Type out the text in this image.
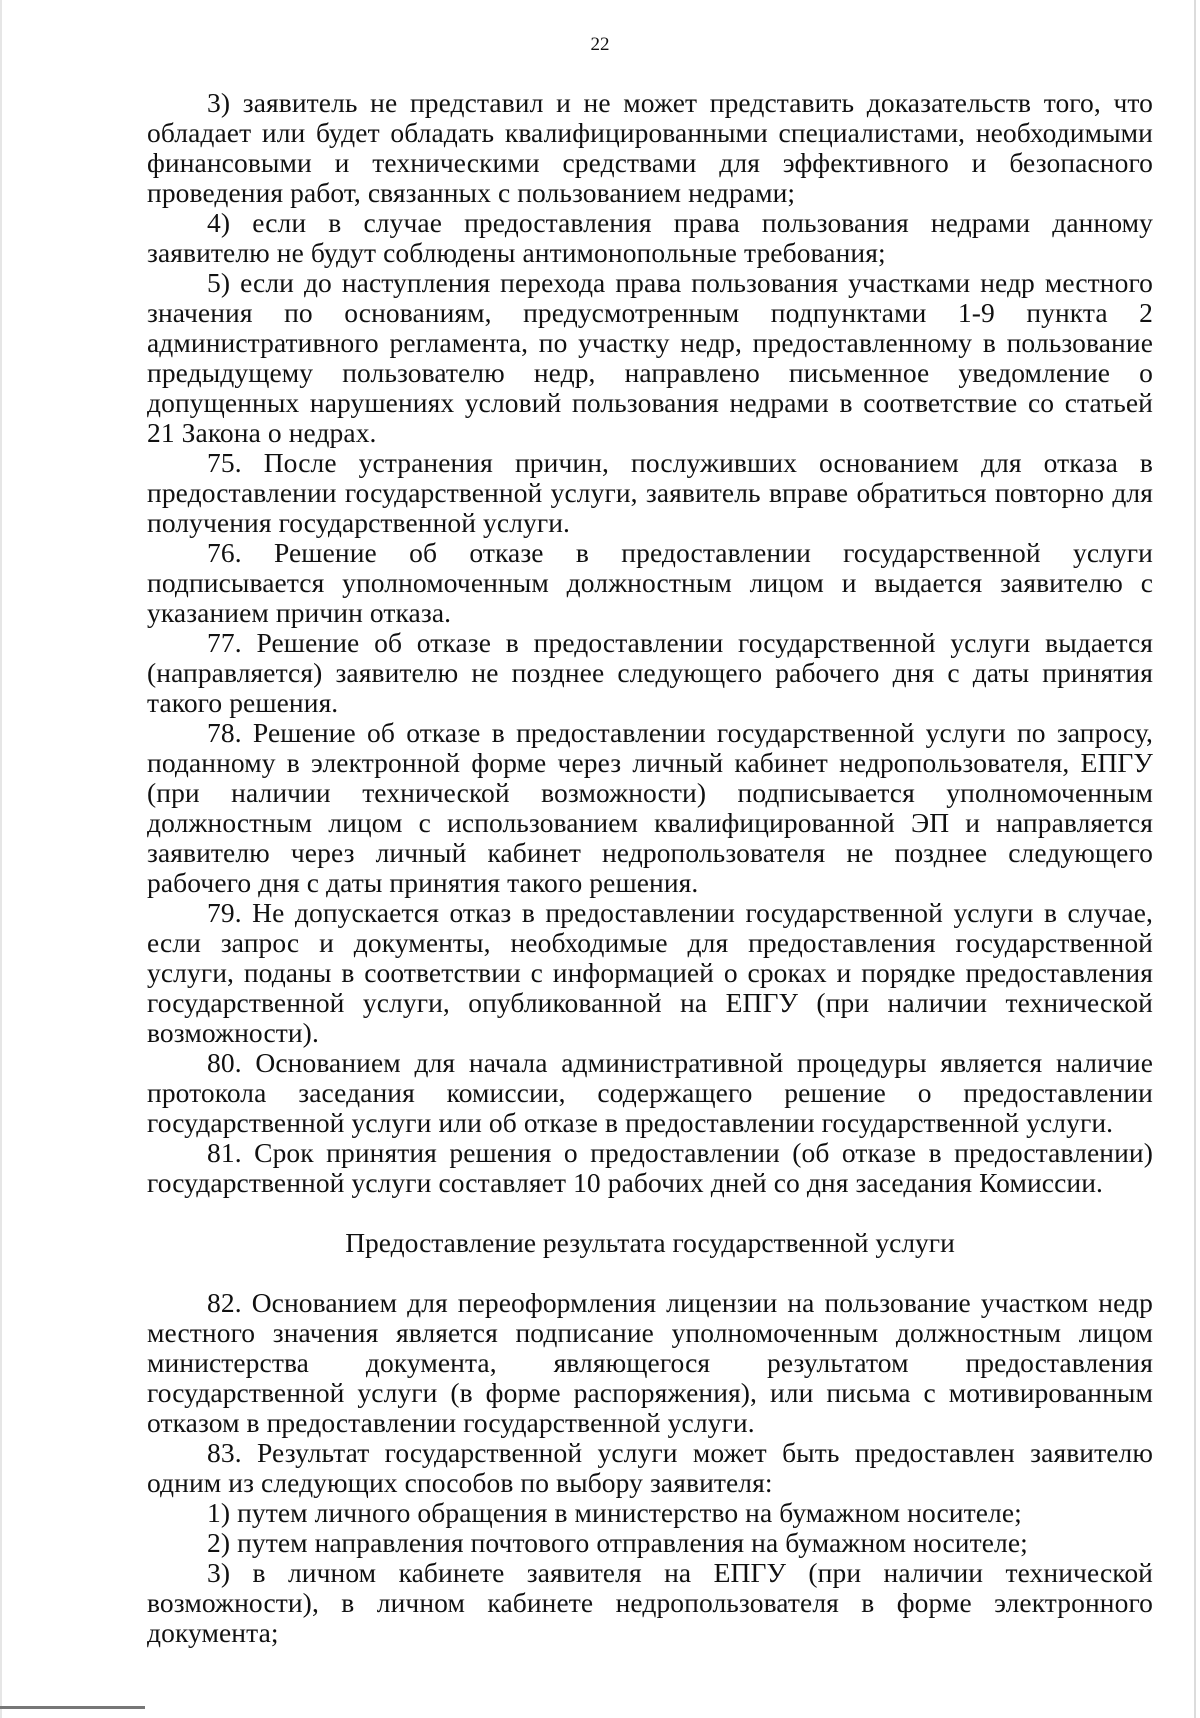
22

3) заявитель не представил и не может представить доказательств того, что обладает или будет обладать квалифицированными специалистами, необходимыми финансовыми и техническими средствами для эффективного и безопасного проведения работ, связанных с пользованием недрами;

4) если в случае предоставления права пользования недрами данному заявителю не будут соблюдены антимонопольные требования;

5) если до наступления перехода права пользования участками недр местного значения по основаниям, предусмотренным подпунктами 1-9 пункта 2 административного регламента, по участку недр, предоставленному в пользование предыдущему пользователю недр, направлено письменное уведомление о допущенных нарушениях условий пользования недрами в соответствие со статьей 21 Закона о недрах.

75. После устранения причин, послуживших основанием для отказа в предоставлении государственной услуги, заявитель вправе обратиться повторно для получения государственной услуги.

76. Решение об отказе в предоставлении государственной услуги подписывается уполномоченным должностным лицом и выдается заявителю с указанием причин отказа.

77. Решение об отказе в предоставлении государственной услуги выдается (направляется) заявителю не позднее следующего рабочего дня с даты принятия такого решения.

78. Решение об отказе в предоставлении государственной услуги по запросу, поданному в электронной форме через личный кабинет недропользователя, ЕПГУ (при наличии технической возможности) подписывается уполномоченным должностным лицом с использованием квалифицированной ЭП и направляется заявителю через личный кабинет недропользователя не позднее следующего рабочего дня с даты принятия такого решения.

79. Не допускается отказ в предоставлении государственной услуги в случае, если запрос и документы, необходимые для предоставления государственной услуги, поданы в соответствии с информацией о сроках и порядке предоставления государственной услуги, опубликованной на ЕПГУ (при наличии технической возможности).

80. Основанием для начала административной процедуры является наличие протокола заседания комиссии, содержащего решение о предоставлении государственной услуги или об отказе в предоставлении государственной услуги.

81. Срок принятия решения о предоставлении (об отказе в предоставлении) государственной услуги составляет 10 рабочих дней со дня заседания Комиссии.

Предоставление результата государственной услуги

82. Основанием для переоформления лицензии на пользование участком недр местного значения является подписание уполномоченным должностным лицом министерства документа, являющегося результатом предоставления государственной услуги (в форме распоряжения), или письма с мотивированным отказом в предоставлении государственной услуги.

83. Результат государственной услуги может быть предоставлен заявителю одним из следующих способов по выбору заявителя:

1) путем личного обращения в министерство на бумажном носителе;

2) путем направления почтового отправления на бумажном носителе;

3) в личном кабинете заявителя на ЕПГУ (при наличии технической возможности), в личном кабинете недропользователя в форме электронного документа;
